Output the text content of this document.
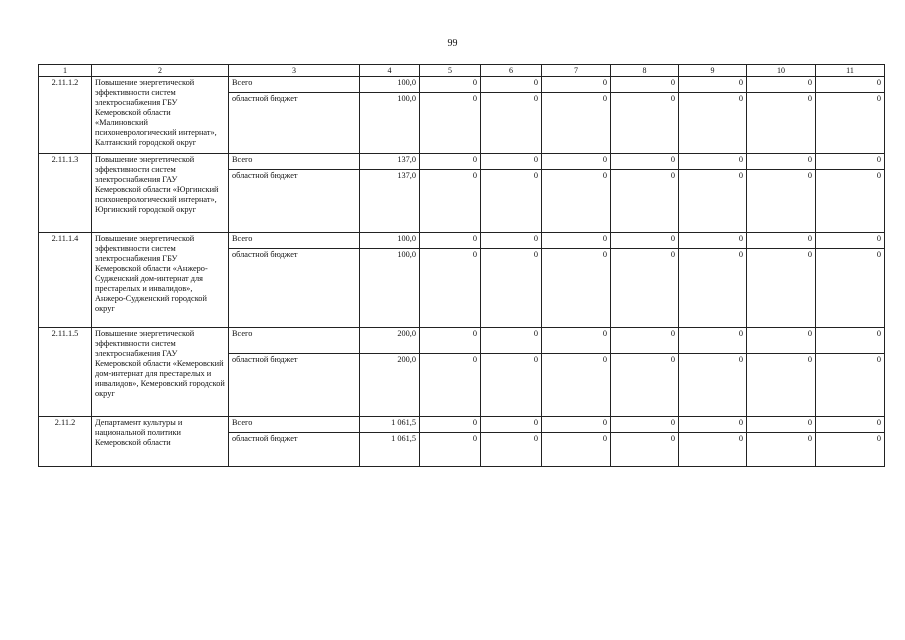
99
1	2	3	4	5	6	7	8	9	10	11
2.11.1.2	Повышение энергетической эффективности систем электроснабжения ГБУ Кемеровской области «Малиновский психоневрологический интернат», Калтанский городской округ	Всего	100,0	0	0	0	0	0	0	0
		областной бюджет	100,0	0	0	0	0	0	0	0
2.11.1.3	Повышение энергетической эффективности систем электроснабжения ГАУ Кемеровской области «Юргинский психоневрологический интернат», Юргинский городской округ	Всего	137,0	0	0	0	0	0	0	0
		областной бюджет	137,0	0	0	0	0	0	0	0
2.11.1.4	Повышение энергетической эффективности систем электроснабжения ГБУ Кемеровской области «Анжеро-Судженский дом-интернат для престарелых и инвалидов», Анжеро-Судженский городской округ	Всего	100,0	0	0	0	0	0	0	0
		областной бюджет	100,0	0	0	0	0	0	0	0
2.11.1.5	Повышение энергетической эффективности систем электроснабжения ГАУ Кемеровской области «Кемеровский дом-интернат для престарелых и инвалидов», Кемеровский городской округ	Всего	200,0	0	0	0	0	0	0	0
		областной бюджет	200,0	0	0	0	0	0	0	0
2.11.2	Департамент культуры и национальной политики Кемеровской области	Всего	1 061,5	0	0	0	0	0	0	0
		областной бюджет	1 061,5	0	0	0	0	0	0	0
